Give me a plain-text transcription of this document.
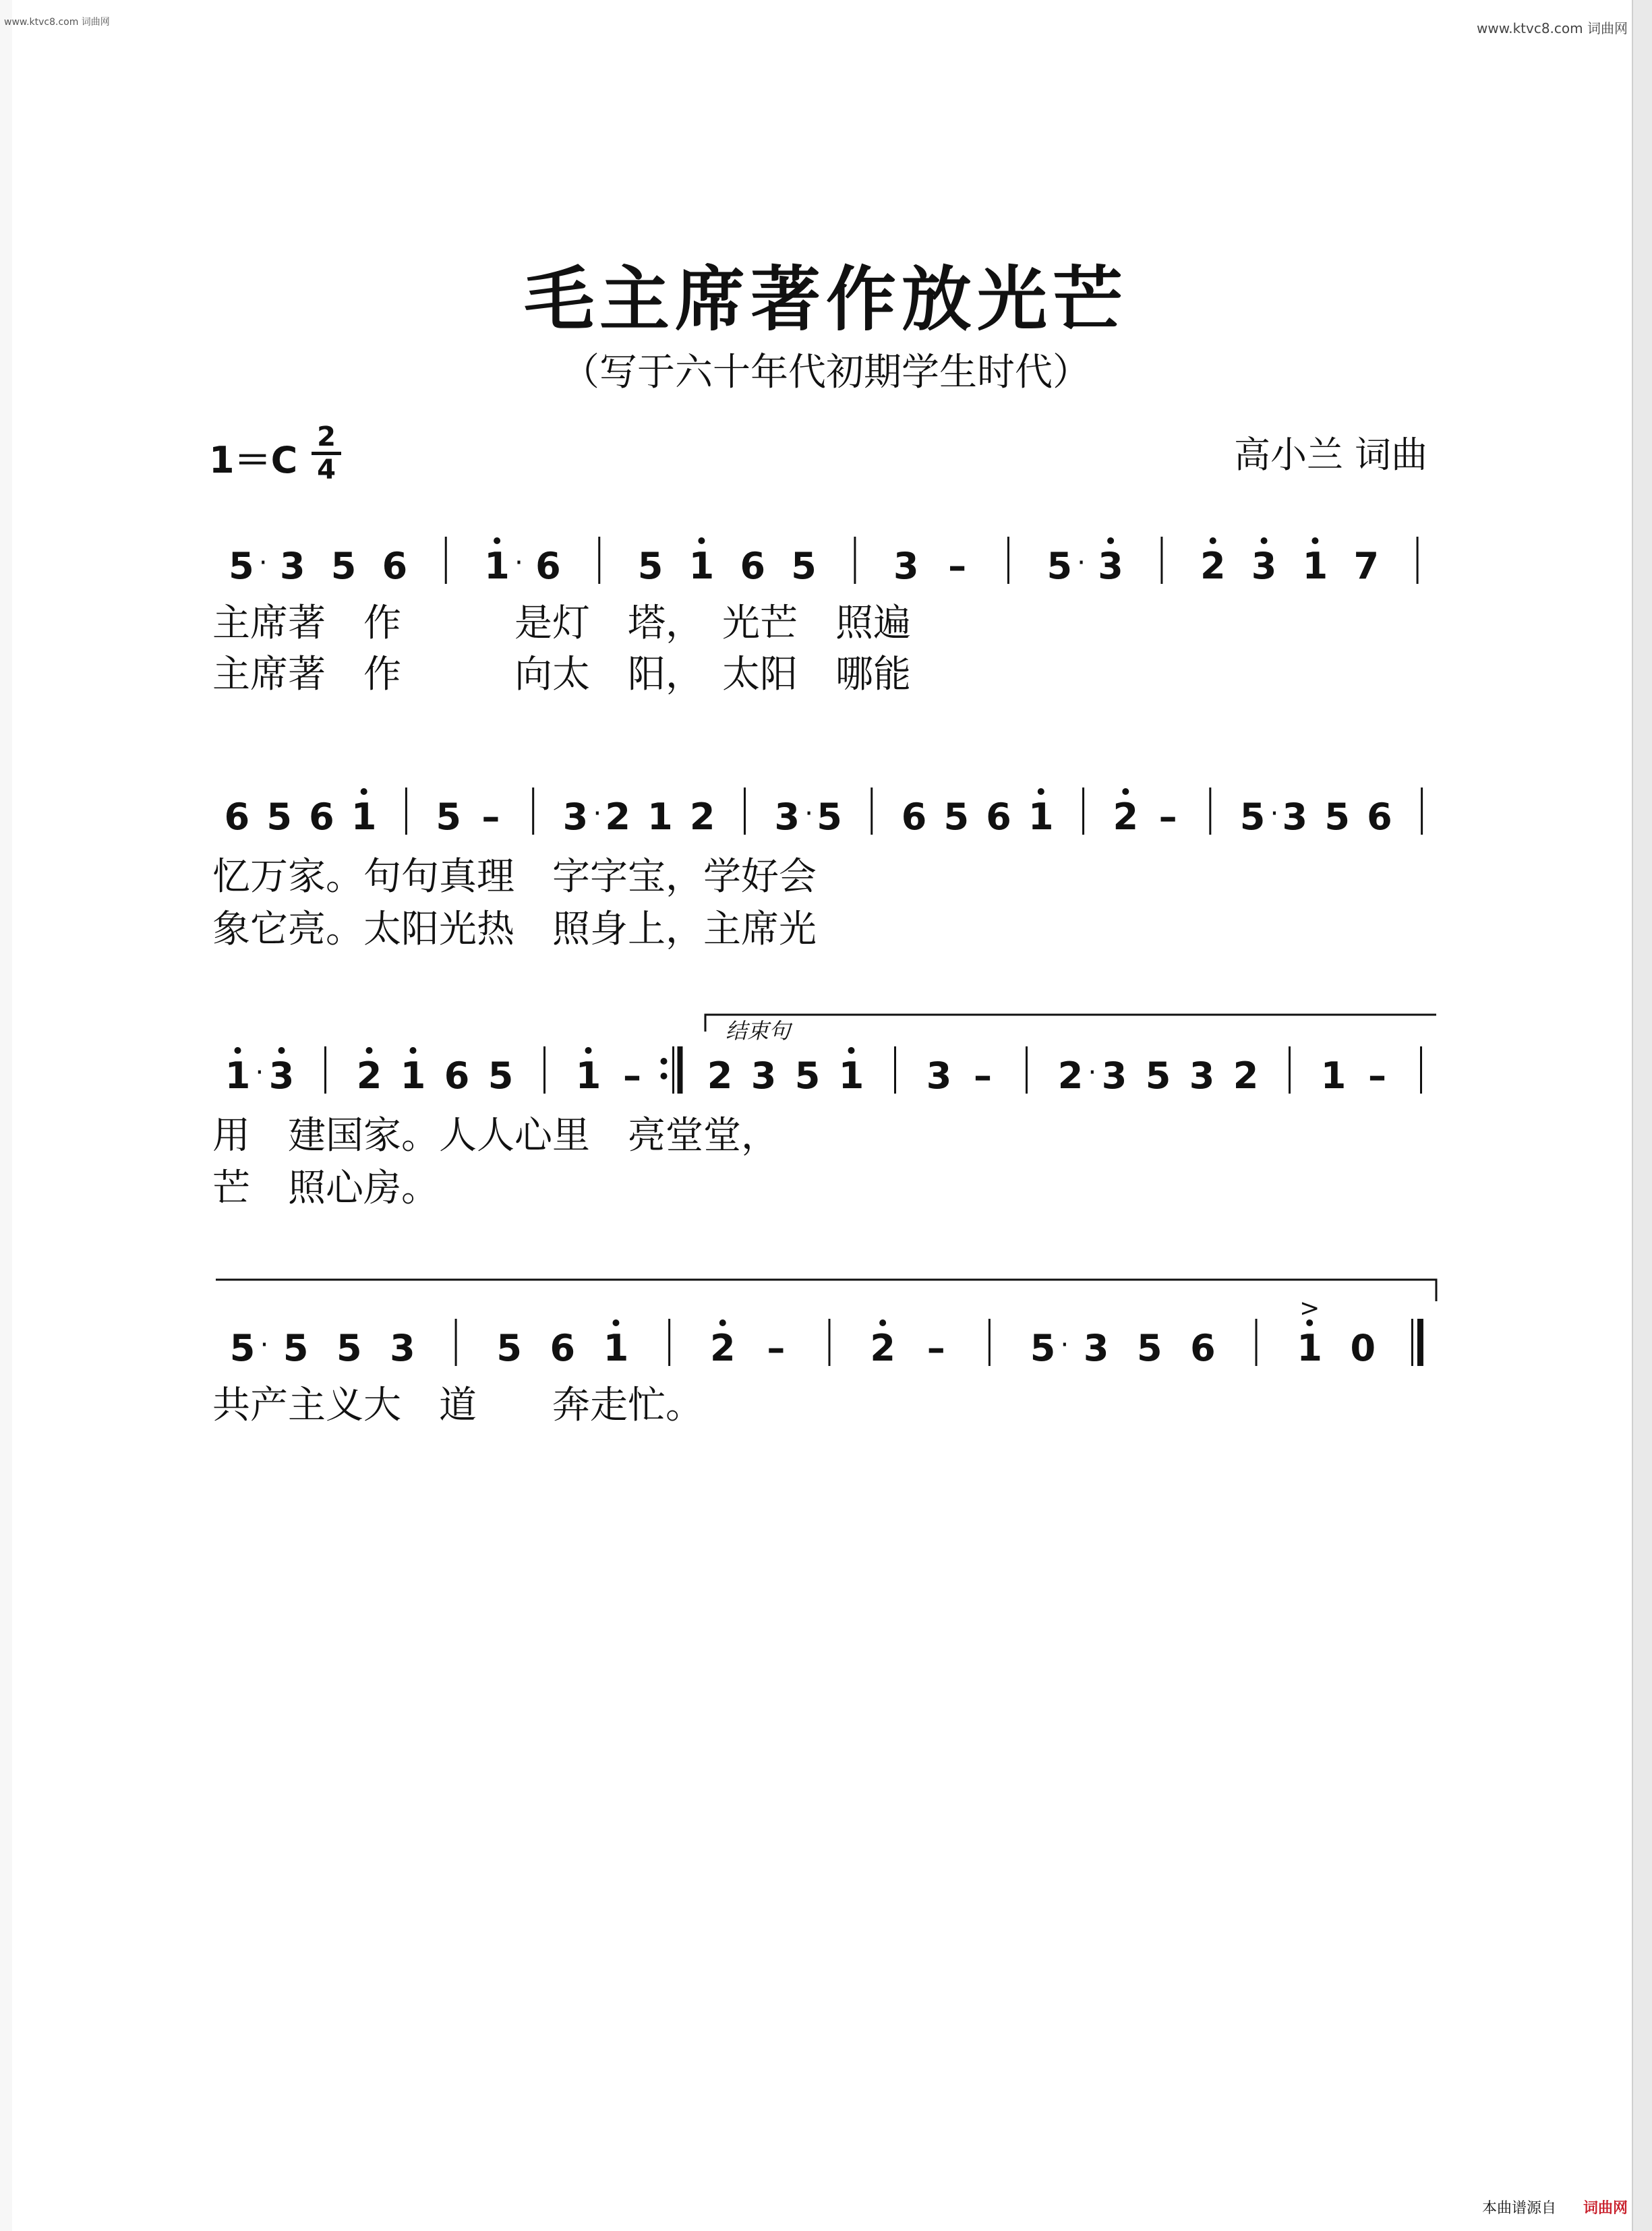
www.ktvc8.com 词曲网	www.ktvc8.com 词曲网
毛主席著作放光芒
（写于六十年代初期学生时代）
1＝C
2
4	高小兰 词曲
5 · 3 5 6 1 · 6 5 1 6 5 3 – 5 · 3 2 3 1 7
6 5 6 1 5 – 3 · 2 1 2 3 · 5 6 5 6 1 2 – 5 · 3 5 6
1 · 3 2 1 6 5 1 – 2 3 5 1 3 – 2 · 3 5 3 2 1 –
5 · 5 5 3 5 6 1 2 – 2 – 5 · 3 5 6 1
>
0
结束句
主席著　作　　　是灯　塔，　光芒　照遍
主席著　作　　　向太　阳，　太阳　哪能
忆万家。句句真理　字字宝，学好会
象它亮。太阳光热　照身上，主席光
用　建国家。人人心里　亮堂堂，
芒　照心房。
共产主义大　道　　奔走忙。
本曲谱源自 词曲网
